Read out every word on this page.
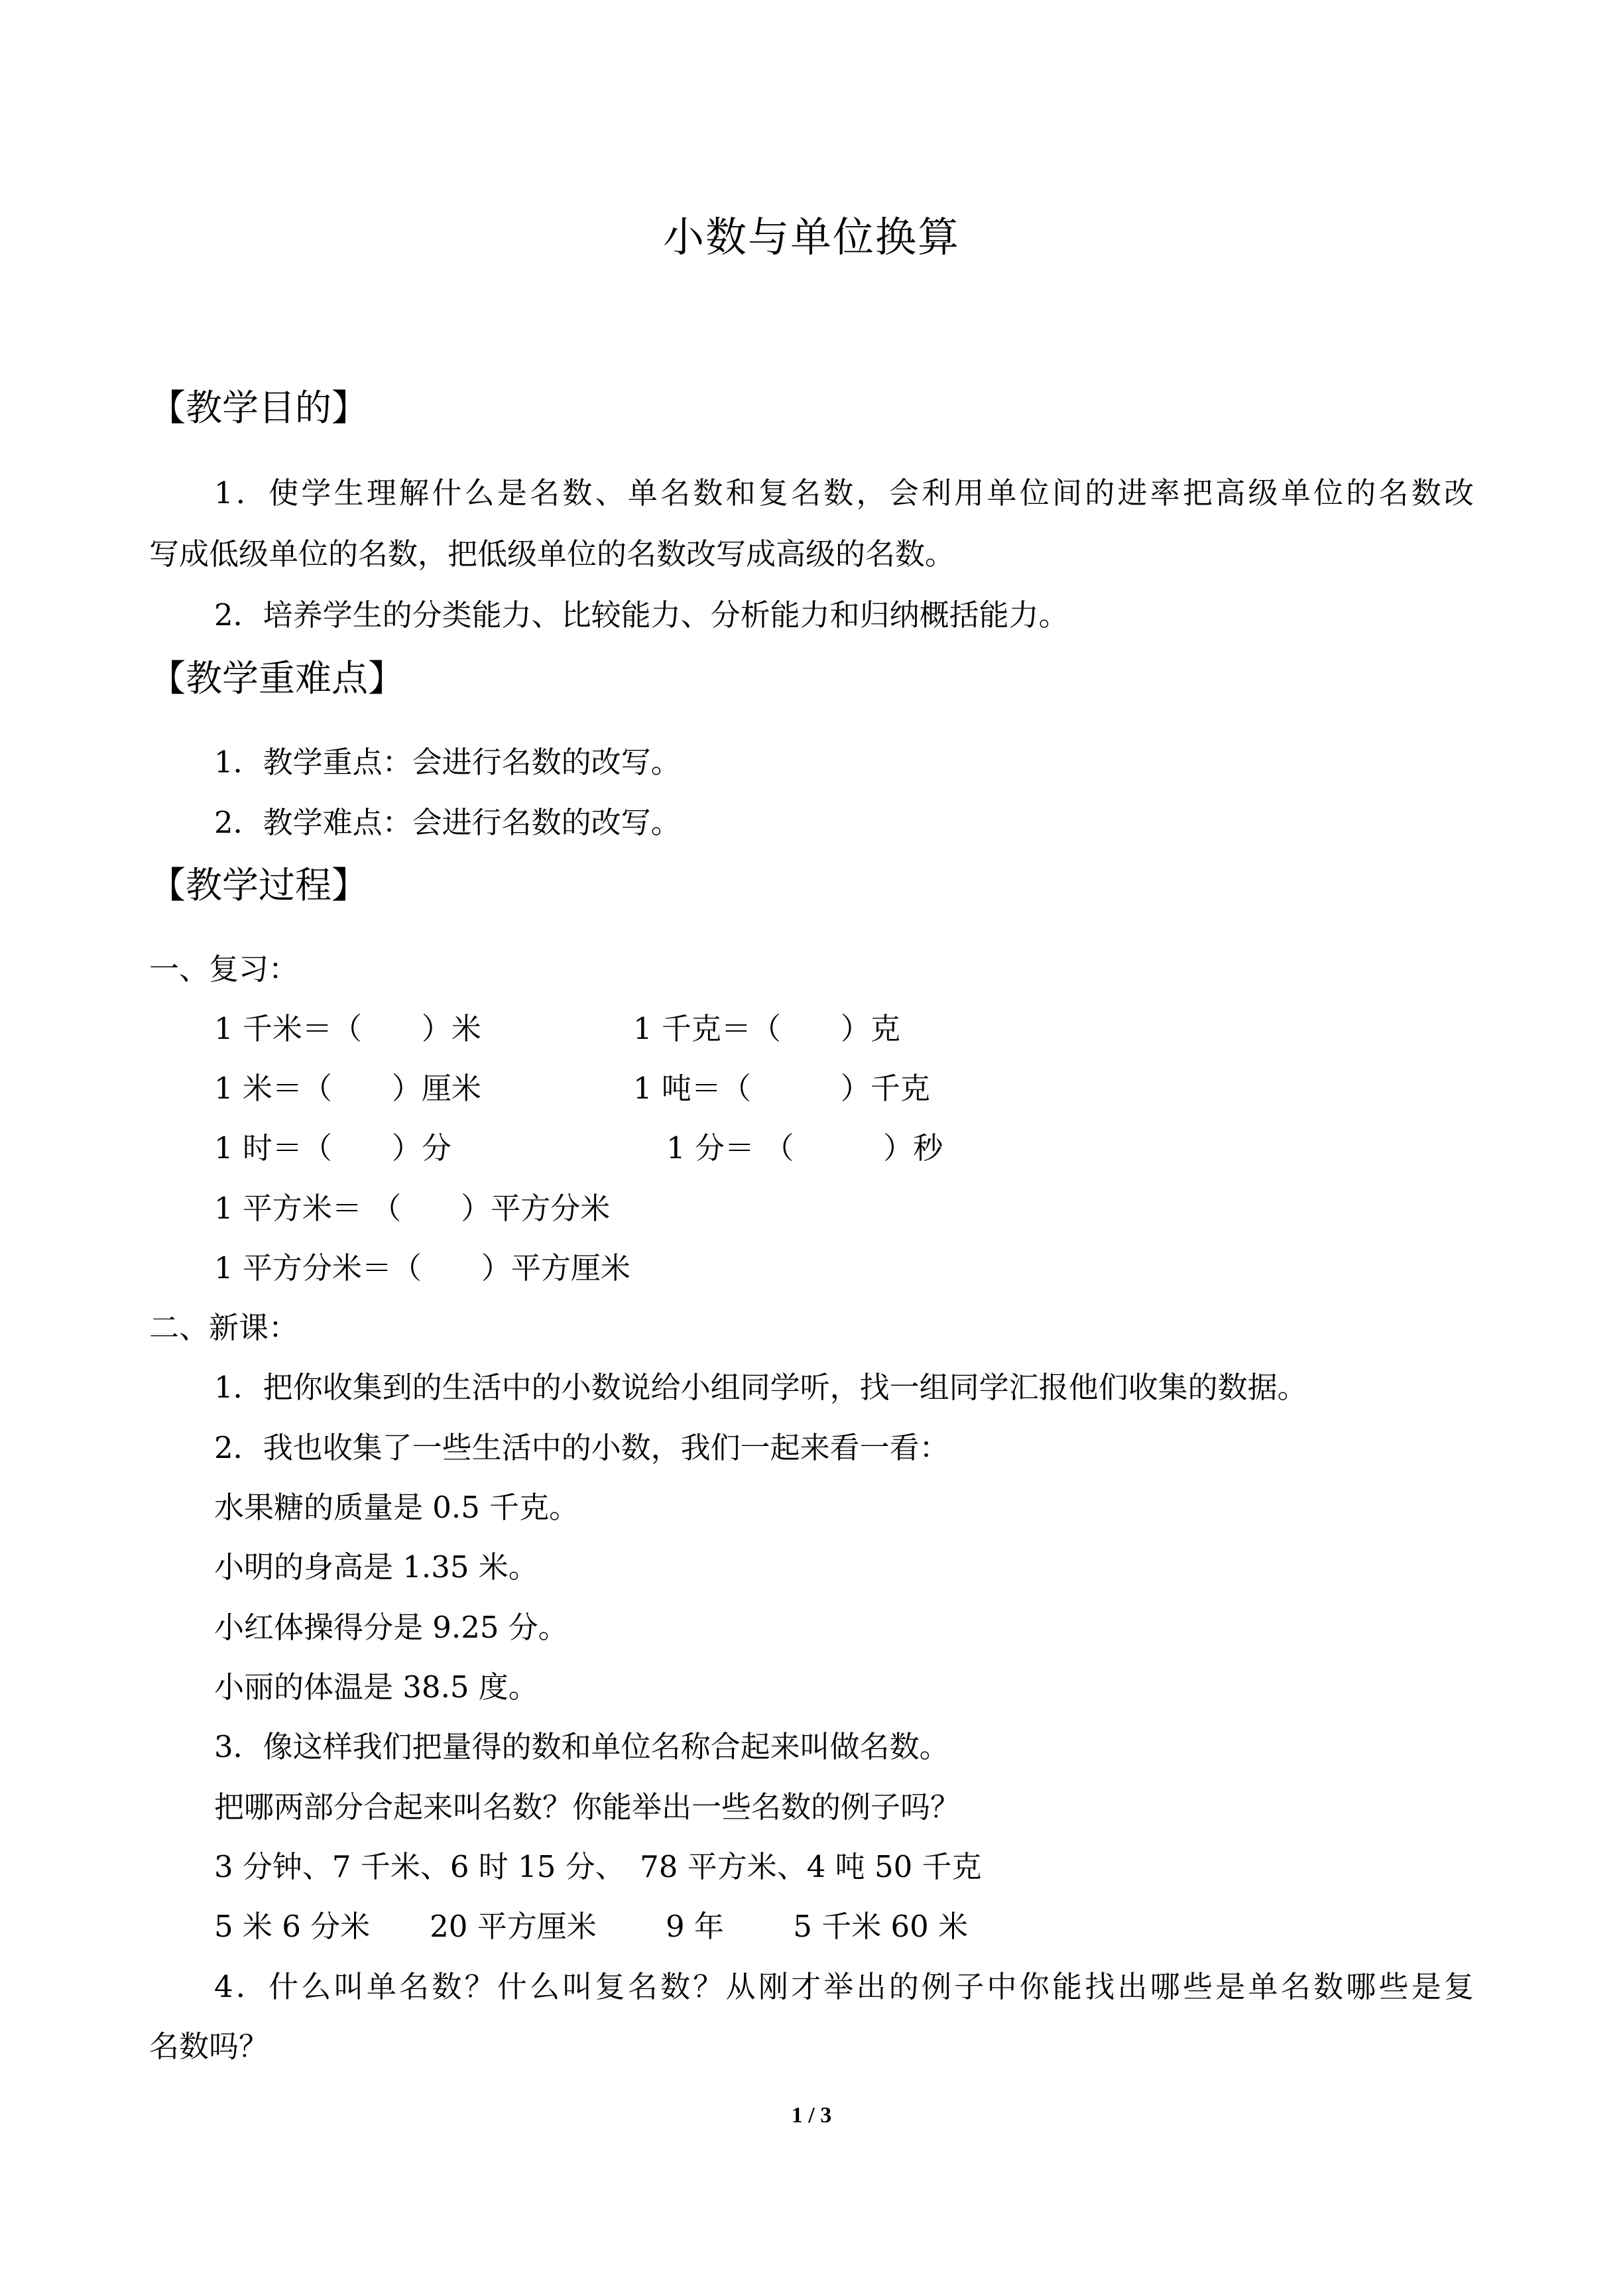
小数与单位换算
【教学目的】
1．使学生理解什么是名数、单名数和复名数，会利用单位间的进率把高级单位的名数改
写成低级单位的名数，把低级单位的名数改写成高级的名数。
2．培养学生的分类能力、比较能力、分析能力和归纳概括能力。
【教学重难点】
1．教学重点：会进行名数的改写。
2．教学难点：会进行名数的改写。
【教学过程】
一、复习：
1 千米＝（　　）米	1 千克＝（　　）克
1 米＝（　　）厘米	1 吨＝（　　　）千克
1 时＝（　　）分	1 分＝ （　　　）秒
1 平方米＝ （　　）平方分米
1 平方分米＝（　　）平方厘米
二、新课：
1．把你收集到的生活中的小数说给小组同学听，找一组同学汇报他们收集的数据。
2．我也收集了一些生活中的小数，我们一起来看一看：
水果糖的质量是 0.5 千克。
小明的身高是 1.35 米。
小红体操得分是 9.25 分。
小丽的体温是 38.5 度。
3．像这样我们把量得的数和单位名称合起来叫做名数。
把哪两部分合起来叫名数？你能举出一些名数的例子吗？
3 分钟、7 千米、6 时 15 分、　78 平方米、4 吨 50 千克
5 米 6 分米　　20 平方厘米　　 9 年　　 5 千米 60 米
4．什么叫单名数？什么叫复名数？从刚才举出的例子中你能找出哪些是单名数哪些是复
名数吗？
1 / 3
